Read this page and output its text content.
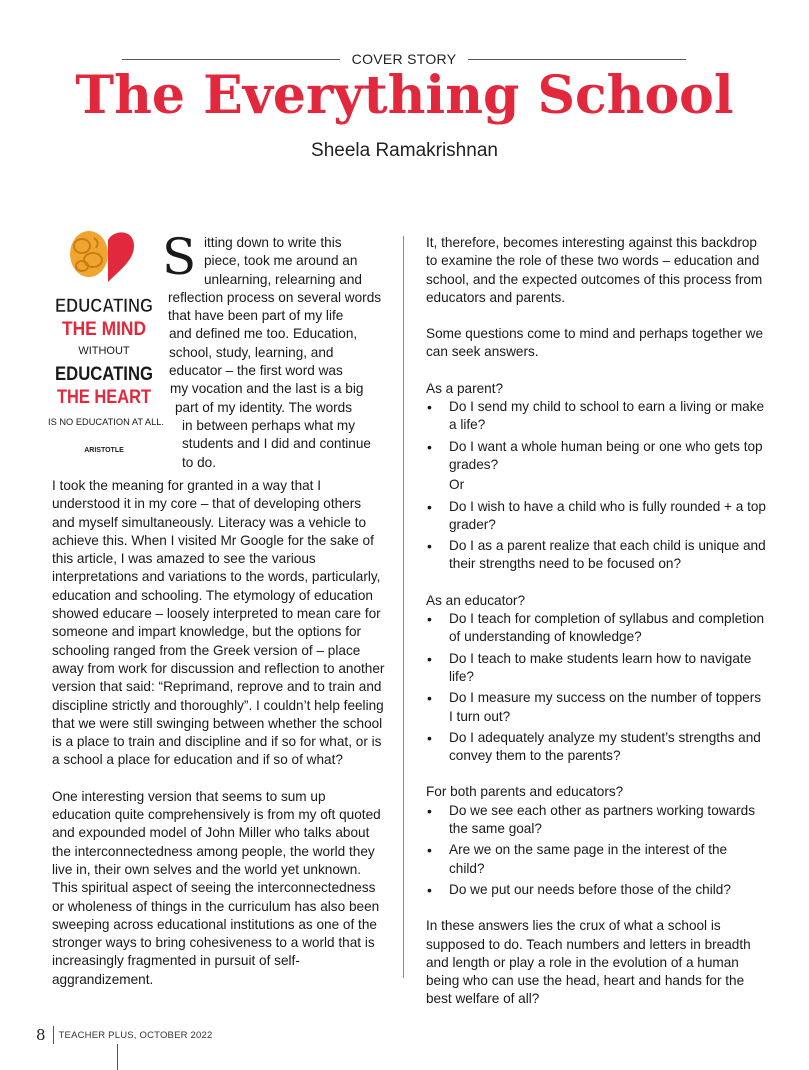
COVER STORY
The Everything School
Sheela Ramakrishnan
EDUCATING
THE MIND
WITHOUT
EDUCATING
THE HEART
IS NO EDUCATION AT ALL.
ARISTOTLE
S itting down to write this
piece, took me around an
unlearning, relearning and
reflection process on several words
that have been part of my life
and defined me too. Education,
school, study, learning, and
educator – the first word was
my vocation and the last is a big
part of my identity. The words
in between perhaps what my
students and I did and continue
to do.

I took the meaning for granted in a way that I understood it in my core – that of developing others and myself simultaneously. Literacy was a vehicle to achieve this. When I visited Mr Google for the sake of this article, I was amazed to see the various interpretations and variations to the words, particularly, education and schooling. The etymology of education showed educare – loosely interpreted to mean care for someone and impart knowledge, but the options for schooling ranged from the Greek version of – place away from work for discussion and reflection to another version that said: “Reprimand, reprove and to train and discipline strictly and thoroughly”. I couldn’t help feeling that we were still swinging between whether the school is a place to train and discipline and if so for what, or is a school a place for education and if so of what?

One interesting version that seems to sum up education quite comprehensively is from my oft quoted and expounded model of John Miller who talks about the interconnectedness among people, the world they live in, their own selves and the world yet unknown. This spiritual aspect of seeing the interconnectedness or wholeness of things in the curriculum has also been sweeping across educational institutions as one of the stronger ways to bring cohesiveness to a world that is increasingly fragmented in pursuit of self-aggrandizement.

It, therefore, becomes interesting against this backdrop to examine the role of these two words – education and school, and the expected outcomes of this process from educators and parents.

Some questions come to mind and perhaps together we can seek answers.

As a parent?

• Do I send my child to school to earn a living or make a life?
• Do I want a whole human being or one who gets top grades?
Or
• Do I wish to have a child who is fully rounded + a top grader?
• Do I as a parent realize that each child is unique and their strengths need to be focused on?

As an educator?

• Do I teach for completion of syllabus and completion of understanding of knowledge?
• Do I teach to make students learn how to navigate life?
• Do I measure my success on the number of toppers I turn out?
• Do I adequately analyze my student’s strengths and convey them to the parents?

For both parents and educators?

• Do we see each other as partners working towards the same goal?
• Are we on the same page in the interest of the child?
• Do we put our needs before those of the child?

In these answers lies the crux of what a school is supposed to do. Teach numbers and letters in breadth and length or play a role in the evolution of a human being who can use the head, heart and hands for the best welfare of all?

8 TEACHER PLUS, OCTOBER 2022
